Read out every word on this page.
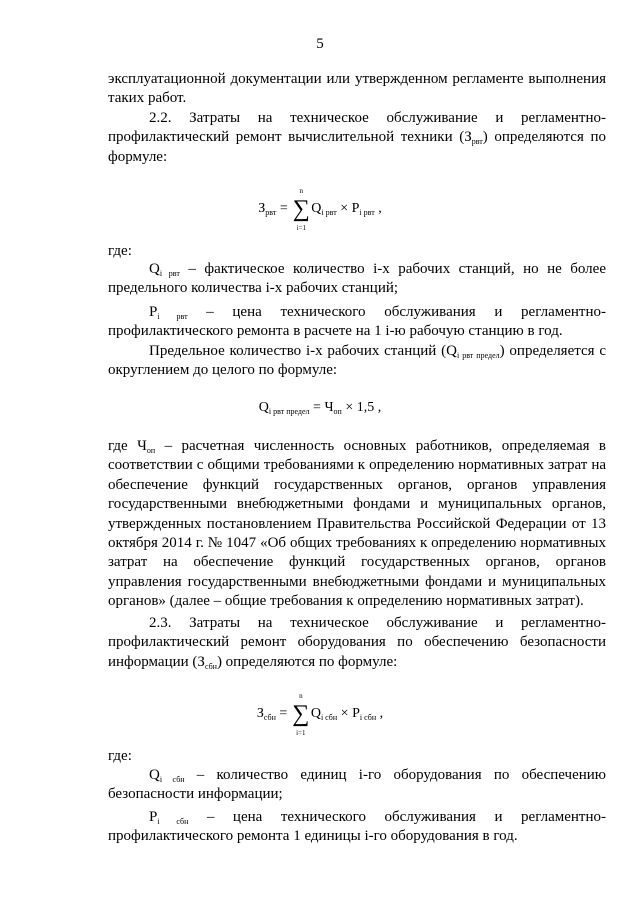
5
эксплуатационной документации или утвержденном регламенте выполнения таких работ.
2.2. Затраты на техническое обслуживание и регламентно-
профилактический ремонт вычислительной техники $(З_{рвт})$ определяются по
формуле:
$З_{рвт}$ =
n
∑
i=1
$Q_{i рвт} \times P_{i рвт}$ ,
где:
$Q_{i рвт}$ – фактическое количество i-х рабочих станций, но не более
предельного количества i-х рабочих станций;
$P_{i рвт}$ – цена технического обслуживания и регламентно-
профилактического ремонта в расчете на 1 i-ю рабочую станцию в год.
Предельное количество i-х рабочих станций $(Q_{i рвт предел})$ определяется с
округлением до целого по формуле:
$Q_{i рвт предел} = Ч_{оп} \times 1,5$ ,
где $Ч_{оп}$ – расчетная численность основных работников, определяемая в
соответствии с общими требованиями к определению нормативных затрат на обеспечение функций государственных органов, органов управления государственными внебюджетными фондами и муниципальных органов, утвержденных постановлением Правительства Российской Федерации от 13 октября 2014 г. № 1047 «Об общих требованиях к определению нормативных затрат на обеспечение функций государственных органов, органов управления государственными внебюджетными фондами и муниципальных органов» (далее – общие требования к определению нормативных затрат).
2.3. Затраты на техническое обслуживание и регламентно-
профилактический ремонт оборудования по обеспечению безопасности
информации $(З_{сбн})$ определяются по формуле:
$З_{сбн}$ =
n
∑
i=1
$Q_{i сбн} \times P_{i сбн}$ ,
где:
$Q_{i сбн}$ – количество единиц i-го оборудования по обеспечению
безопасности информации;
$P_{i сбн}$ – цена технического обслуживания и регламентно-
профилактического ремонта 1 единицы i-го оборудования в год.
